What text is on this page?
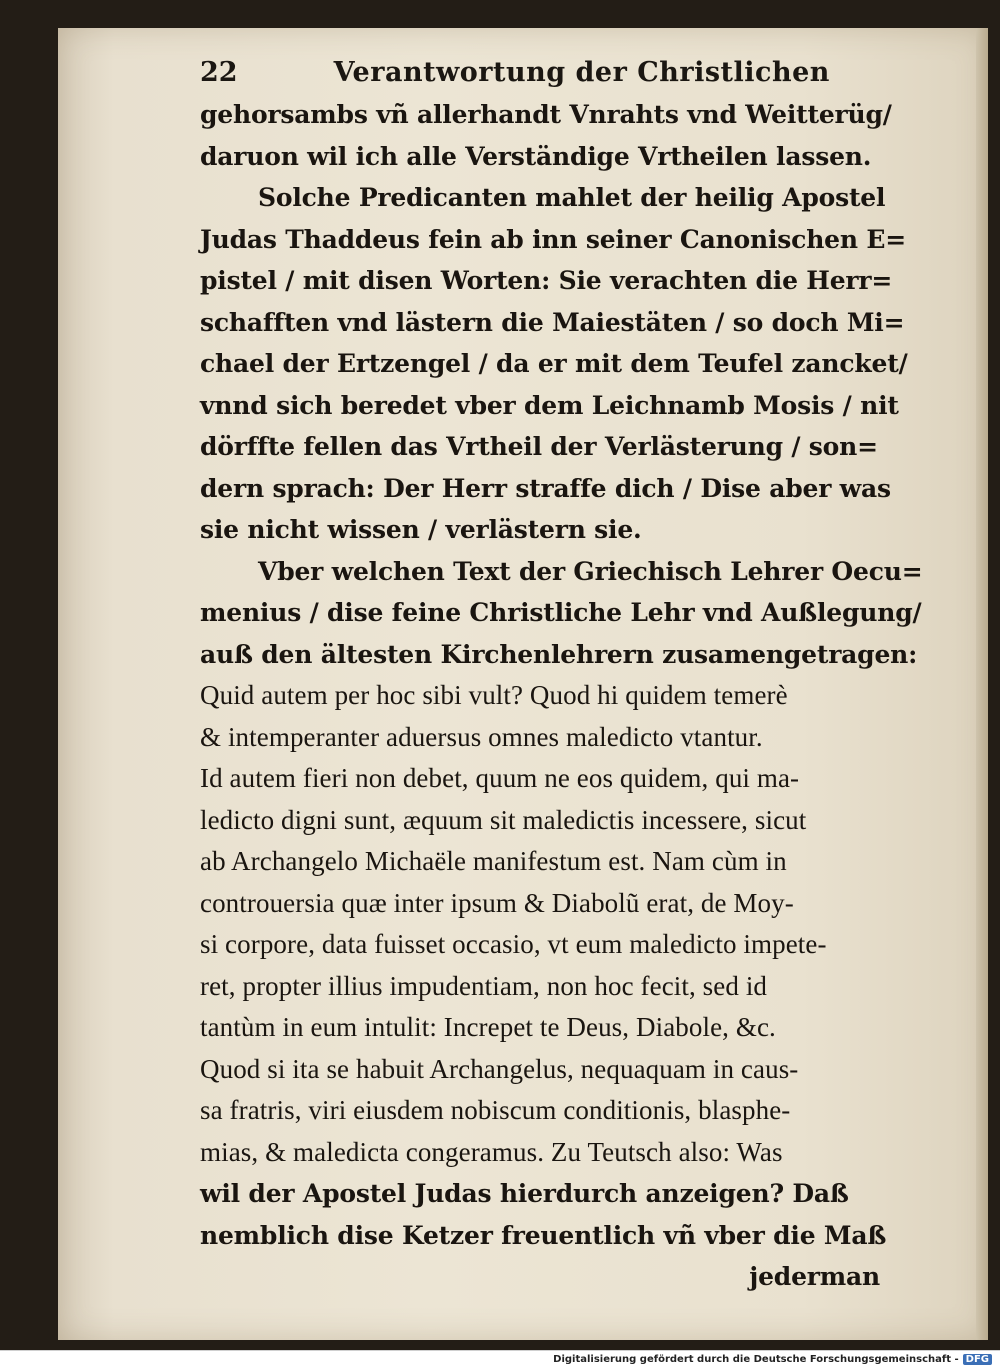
22	Verantwortung der Christlichen
gehorsambs vñ allerhandt Vnrahts vnd Weitterüg/
daruon wil ich alle Verständige Vrtheilen lassen.
Solche Predicanten mahlet der heilig Apostel
Judas Thaddeus fein ab inn seiner Canonischen E=
pistel / mit disen Worten: Sie verachten die Herr=
schafften vnd lästern die Maiestäten / so doch Mi=
chael der Ertzengel / da er mit dem Teufel zancket/
vnnd sich beredet vber dem Leichnamb Mosis / nit
dörffte fellen das Vrtheil der Verlästerung / son=
dern sprach: Der Herr straffe dich / Dise aber was
sie nicht wissen / verlästern sie.
Vber welchen Text der Griechisch Lehrer Oecu=
menius / dise feine Christliche Lehr vnd Außlegung/
auß den ältesten Kirchenlehrern zusamengetragen:
Quid autem per hoc sibi vult? Quod hi quidem temerè
& intemperanter aduersus omnes maledicto vtantur.
Id autem fieri non debet, quum ne eos quidem, qui ma-
ledicto digni sunt, æquum sit maledictis incessere, sicut
ab Archangelo Michaële manifestum est. Nam cùm in
controuersia quæ inter ipsum & Diabolũ erat, de Moy-
si corpore, data fuisset occasio, vt eum maledicto impete-
ret, propter illius impudentiam, non hoc fecit, sed id
tantùm in eum intulit: Increpet te Deus, Diabole, &c.
Quod si ita se habuit Archangelus, nequaquam in caus-
sa fratris, viri eiusdem nobiscum conditionis, blasphe-
mias, & maledicta congeramus. Zu Teutsch also: Was
wil der Apostel Judas hierdurch anzeigen? Daß
nemblich dise Ketzer freuentlich vñ vber die Maß
jederman
Digitalisierung gefördert durch die Deutsche Forschungsgemeinschaft - DFG
